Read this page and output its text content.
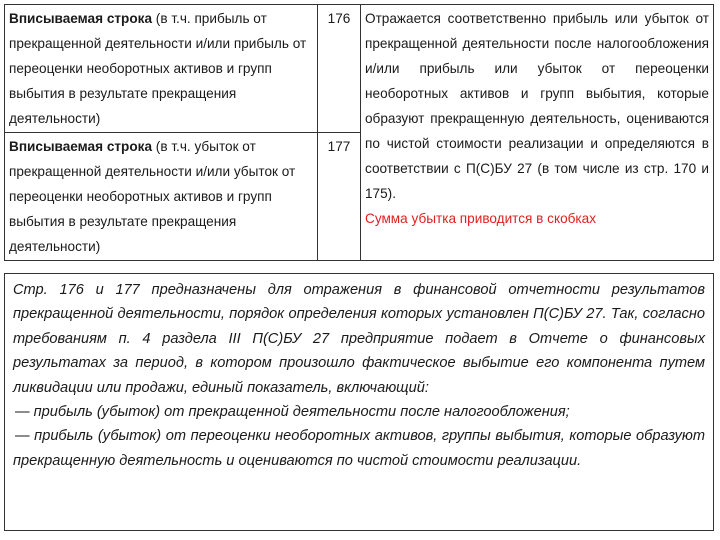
Вписываемая строка (в т.ч. прибыль от прекращенной деятельности и/или прибыль от переоценки необоротных активов и групп выбытия в результате прекращения деятельности)	176	Отражается соответственно прибыль или убыток от прекращенной деятельности после налогообложения и/или прибыль или убыток от переоценки необоротных активов и групп выбытия, которые образуют прекращенную деятельность, оцениваются по чистой стоимости реализации и определяются в соответствии с П(С)БУ 27 (в том числе из стр. 170 и 175).
Сумма убытка приводится в скобках
Вписываемая строка (в т.ч. убыток от прекращенной деятельности и/или убыток от переоценки необоротных активов и групп выбытия в результате прекращения деятельности)	177	

Стр. 176 и 177 предназначены для отражения в финансовой отчетности результатов прекращенной деятельности, порядок определения которых установлен П(С)БУ 27. Так, согласно требованиям п. 4 раздела III П(С)БУ 27 предприятие подает в Отчете о финансовых результатах за период, в котором произошло фактическое выбытие его компонента путем ликвидации или продажи, единый показатель, включающий:

— прибыль (убыток) от прекращенной деятельности после налогообложения;

— прибыль (убыток) от переоценки необоротных активов, группы выбытия, которые образуют прекращенную деятельность и оцениваются по чистой стоимости реализации.
